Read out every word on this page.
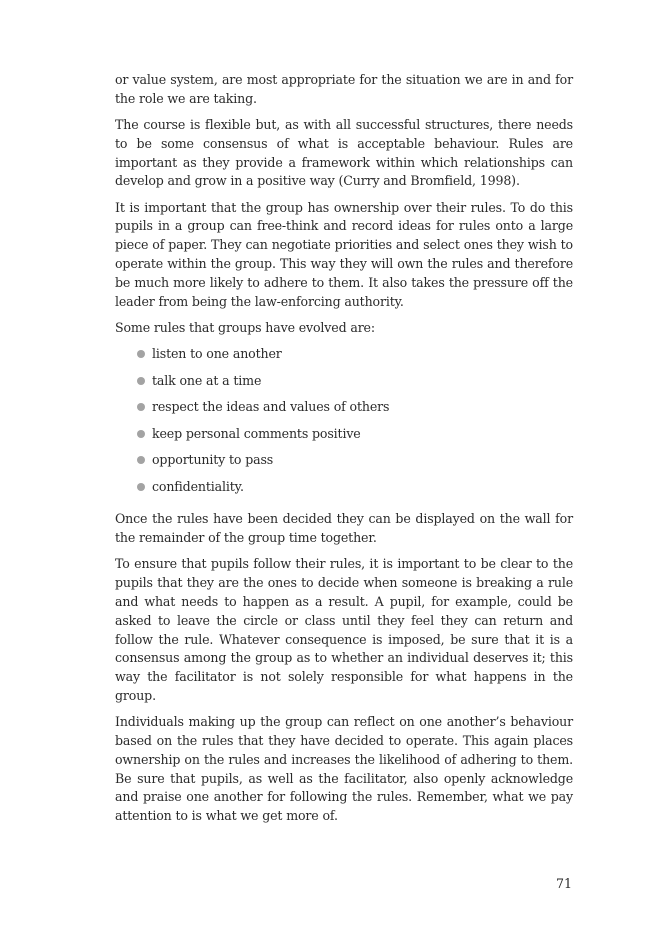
or value system, are most appropriate for the situation we are in and for the role we are taking.

The course is flexible but, as with all successful structures, there needs to be some consensus of what is acceptable behaviour. Rules are important as they provide a framework within which relationships can develop and grow in a positive way (Curry and Bromfield, 1998).

It is important that the group has ownership over their rules. To do this pupils in a group can free-think and record ideas for rules onto a large piece of paper. They can negotiate priorities and select ones they wish to operate within the group. This way they will own the rules and therefore be much more likely to adhere to them. It also takes the pressure off the leader from being the law-enforcing authority.

Some rules that groups have evolved are:

listen to one another
talk one at a time
respect the ideas and values of others
keep personal comments positive
opportunity to pass
confidentiality.

Once the rules have been decided they can be displayed on the wall for the remainder of the group time together.

To ensure that pupils follow their rules, it is important to be clear to the pupils that they are the ones to decide when someone is breaking a rule and what needs to happen as a result. A pupil, for example, could be asked to leave the circle or class until they feel they can return and follow the rule. Whatever consequence is imposed, be sure that it is a consensus among the group as to whether an individual deserves it; this way the facilitator is not solely responsible for what happens in the group.

Individuals making up the group can reflect on one another’s behaviour based on the rules that they have decided to operate. This again places ownership on the rules and increases the likelihood of adhering to them. Be sure that pupils, as well as the facilitator, also openly acknowledge and praise one another for following the rules. Remember, what we pay attention to is what we get more of.

71
